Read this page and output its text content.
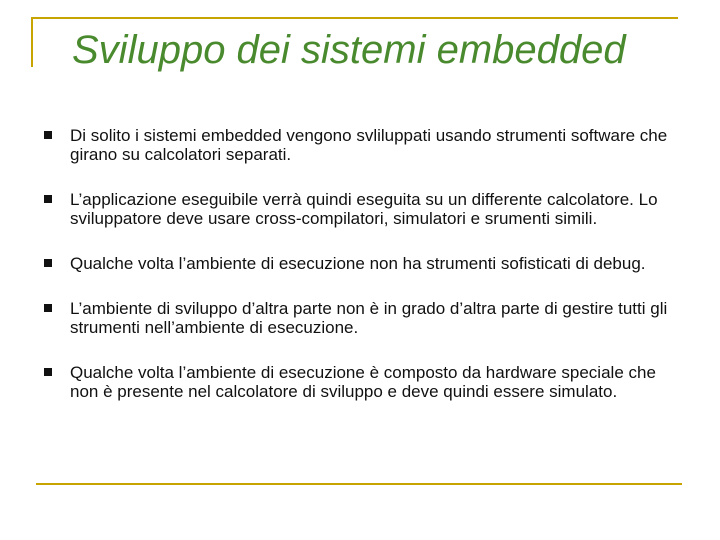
Sviluppo dei sistemi embedded
Di solito i sistemi embedded vengono svliluppati usando strumenti software che girano su calcolatori separati.
L’applicazione eseguibile verrà quindi eseguita su un differente calcolatore. Lo sviluppatore deve usare cross-compilatori, simulatori e srumenti simili.
Qualche volta l’ambiente di esecuzione non ha strumenti sofisticati di debug.
L’ambiente di sviluppo d’altra parte non è in grado d’altra parte di gestire tutti gli strumenti nell’ambiente di esecuzione.
Qualche volta l’ambiente di esecuzione è composto da hardware speciale che non è presente nel calcolatore di sviluppo e deve quindi essere simulato.
